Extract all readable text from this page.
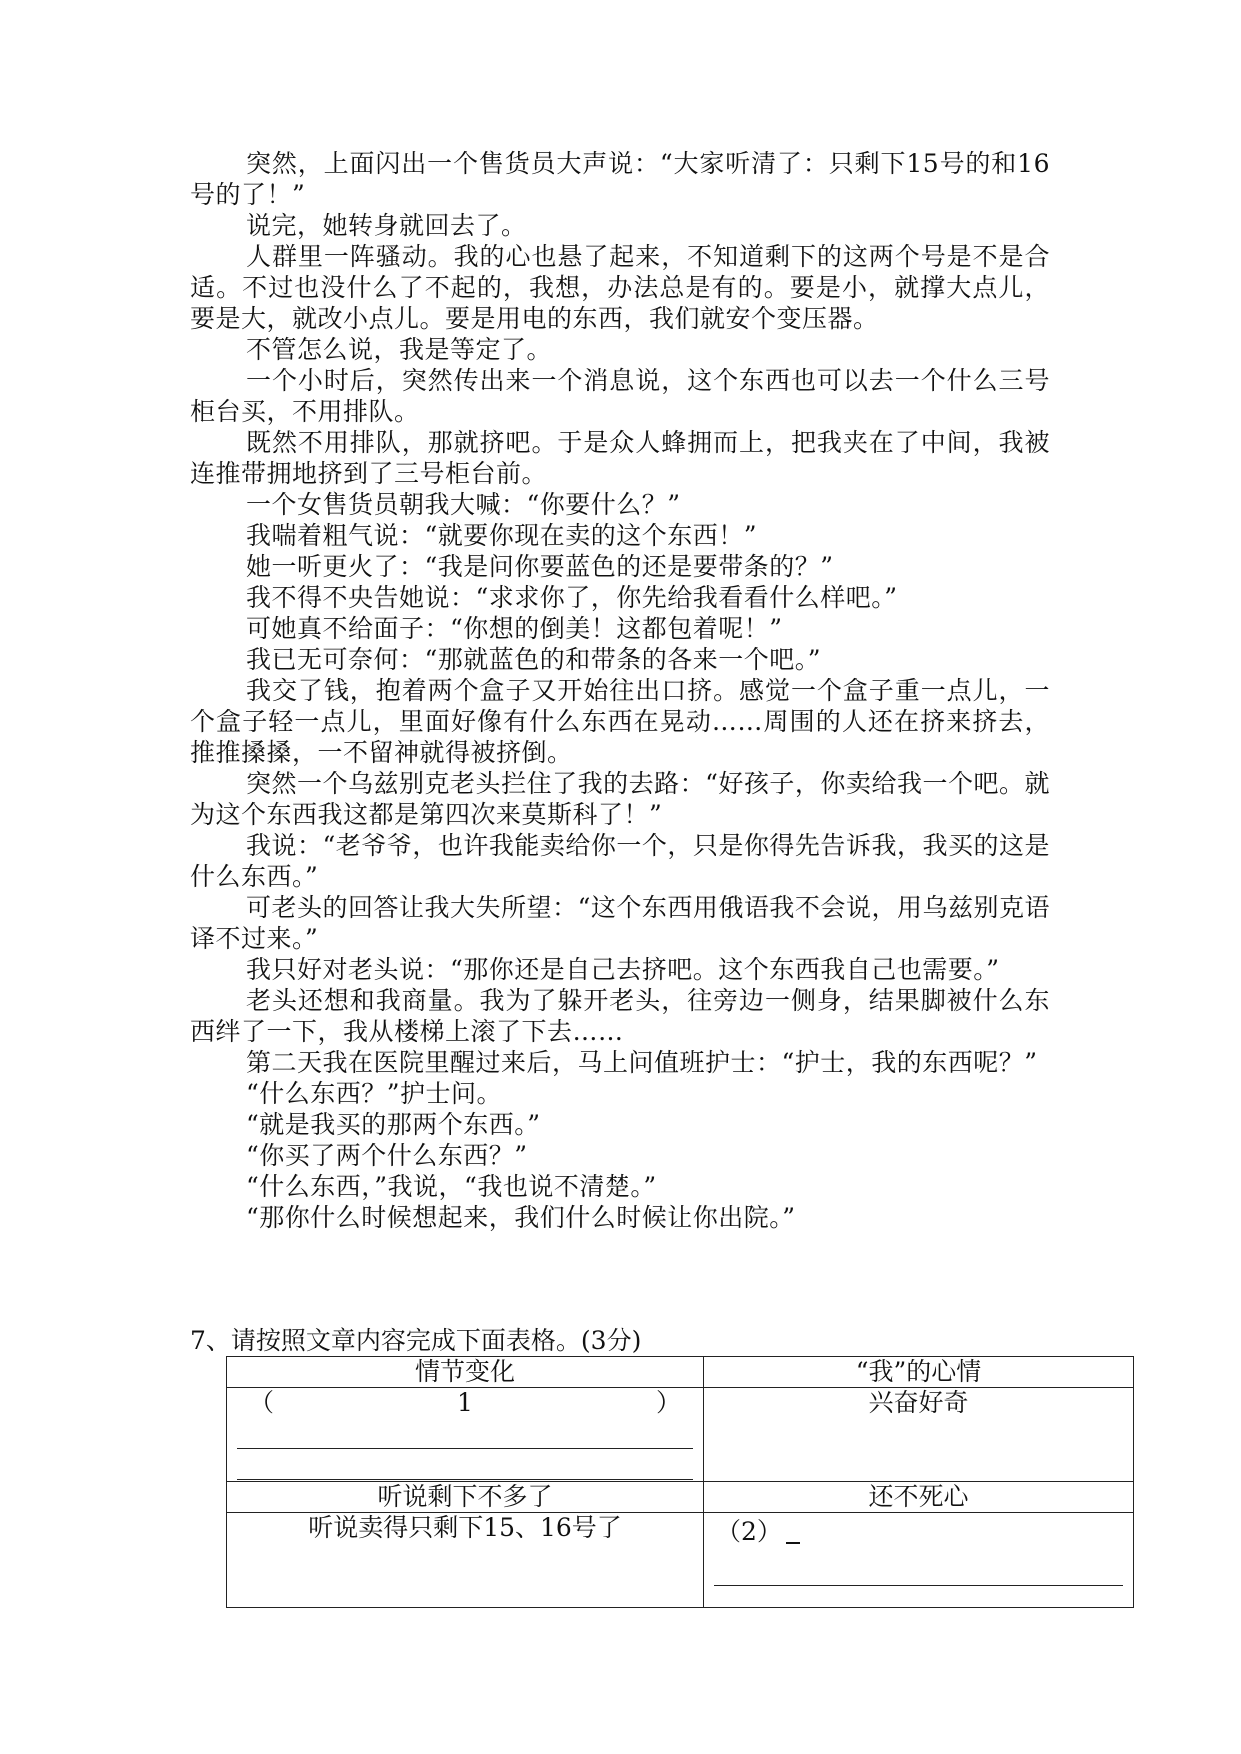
突然，上面闪出一个售货员大声说：“大家听清了：只剩下15号的和16号的了！”

说完，她转身就回去了。

人群里一阵骚动。我的心也悬了起来，不知道剩下的这两个号是不是合适。不过也没什么了不起的，我想，办法总是有的。要是小，就撑大点儿，要是大，就改小点儿。要是用电的东西，我们就安个变压器。

不管怎么说，我是等定了。

一个小时后，突然传出来一个消息说，这个东西也可以去一个什么三号柜台买，不用排队。

既然不用排队，那就挤吧。于是众人蜂拥而上，把我夹在了中间，我被连推带拥地挤到了三号柜台前。

一个女售货员朝我大喊：“你要什么？”

我喘着粗气说：“就要你现在卖的这个东西！”

她一听更火了：“我是问你要蓝色的还是要带条的？”

我不得不央告她说：“求求你了，你先给我看看什么样吧。”

可她真不给面子：“你想的倒美！这都包着呢！”

我已无可奈何：“那就蓝色的和带条的各来一个吧。”

我交了钱，抱着两个盒子又开始往出口挤。感觉一个盒子重一点儿，一个盒子轻一点儿，里面好像有什么东西在晃动……周围的人还在挤来挤去，推推搡搡，一不留神就得被挤倒。

突然一个乌兹别克老头拦住了我的去路：“好孩子，你卖给我一个吧。就为这个东西我这都是第四次来莫斯科了！”

我说：“老爷爷，也许我能卖给你一个，只是你得先告诉我，我买的这是什么东西。”

可老头的回答让我大失所望：“这个东西用俄语我不会说，用乌兹别克语译不过来。”

我只好对老头说：“那你还是自己去挤吧。这个东西我自己也需要。”

老头还想和我商量。我为了躲开老头，往旁边一侧身，结果脚被什么东西绊了一下，我从楼梯上滚了下去……

第二天我在医院里醒过来后，马上问值班护士：“护士，我的东西呢？”

“什么东西？”护士问。

“就是我买的那两个东西。”

“你买了两个什么东西？”

“什么东西，”我说，“我也说不清楚。”

“那你什么时候想起来，我们什么时候让你出院。”

7、请按照文章内容完成下面表格。(3分)

情节变化	“我”的心情

（ 1 ）	兴奋好奇
听说剩下不多了	还不死心
听说卖得只剩下15、16号了	（2）
